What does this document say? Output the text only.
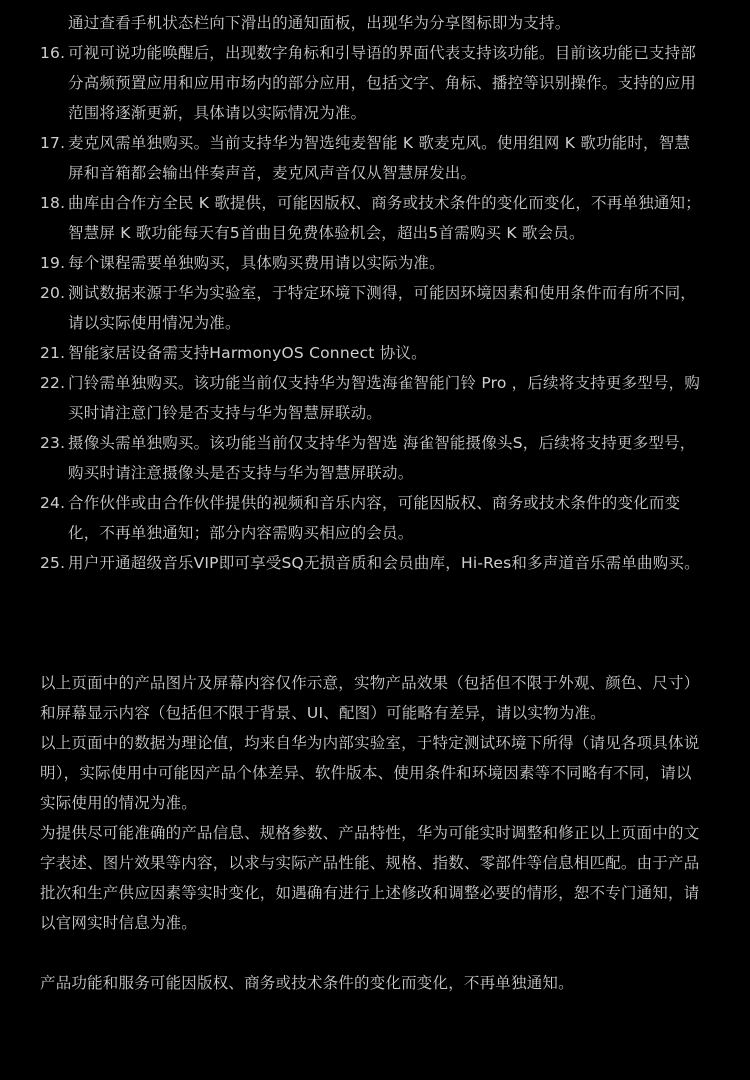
通过查看手机状态栏向下滑出的通知面板，出现华为分享图标即为支持。
16. 可视可说功能唤醒后，出现数字角标和引导语的界面代表支持该功能。目前该功能已支持部分高频预置应用和应用市场内的部分应用，包括文字、角标、播控等识别操作。支持的应用范围将逐渐更新，具体请以实际情况为准。
17. 麦克风需单独购买。当前支持华为智选纯麦智能 K 歌麦克风。使用组网 K 歌功能时，智慧屏和音箱都会输出伴奏声音，麦克风声音仅从智慧屏发出。
18. 曲库由合作方全民 K 歌提供，可能因版权、商务或技术条件的变化而变化，不再单独通知；智慧屏 K 歌功能每天有5首曲目免费体验机会，超出5首需购买 K 歌会员。
19. 每个课程需要单独购买，具体购买费用请以实际为准。
20. 测试数据来源于华为实验室，于特定环境下测得，可能因环境因素和使用条件而有所不同，请以实际使用情况为准。
21. 智能家居设备需支持HarmonyOS Connect 协议。
22. 门铃需单独购买。该功能当前仅支持华为智选海雀智能门铃 Pro ，后续将支持更多型号，购买时请注意门铃是否支持与华为智慧屏联动。
23. 摄像头需单独购买。该功能当前仅支持华为智选 海雀智能摄像头S，后续将支持更多型号，购买时请注意摄像头是否支持与华为智慧屏联动。
24. 合作伙伴或由合作伙伴提供的视频和音乐内容，可能因版权、商务或技术条件的变化而变化，不再单独通知；部分内容需购买相应的会员。
25. 用户开通超级音乐VIP即可享受SQ无损音质和会员曲库，Hi-Res和多声道音乐需单曲购买。

以上页面中的产品图片及屏幕内容仅作示意，实物产品效果（包括但不限于外观、颜色、尺寸）和屏幕显示内容（包括但不限于背景、UI、配图）可能略有差异，请以实物为准。

以上页面中的数据为理论值，均来自华为内部实验室，于特定测试环境下所得（请见各项具体说明），实际使用中可能因产品个体差异、软件版本、使用条件和环境因素等不同略有不同，请以实际使用的情况为准。

为提供尽可能准确的产品信息、规格参数、产品特性，华为可能实时调整和修正以上页面中的文字表述、图片效果等内容，以求与实际产品性能、规格、指数、零部件等信息相匹配。由于产品批次和生产供应因素等实时变化，如遇确有进行上述修改和调整必要的情形，恕不专门通知，请以官网实时信息为准。

产品功能和服务可能因版权、商务或技术条件的变化而变化，不再单独通知。
